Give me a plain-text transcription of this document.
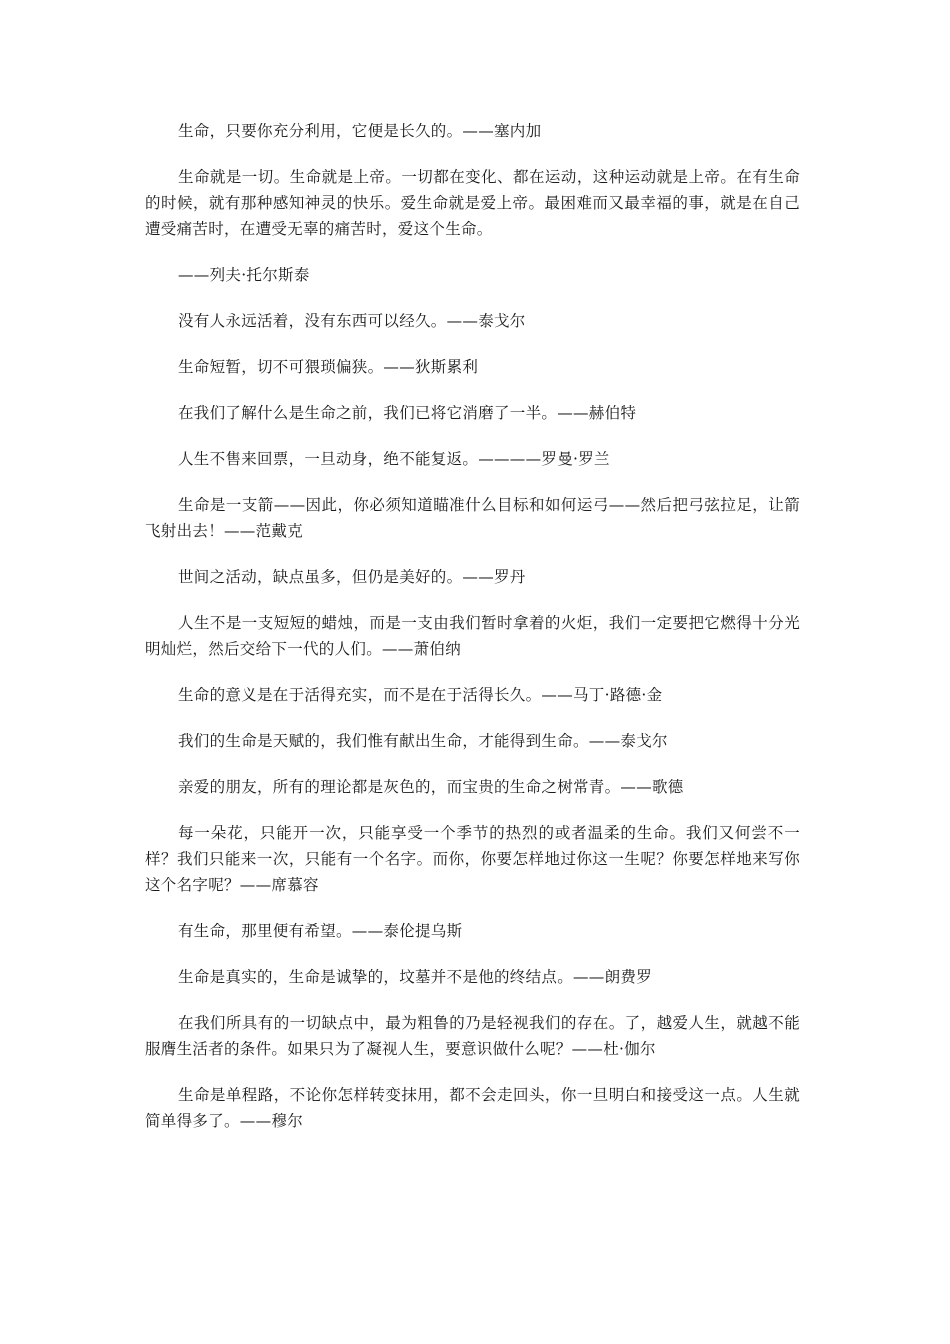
生命，只要你充分利用，它便是长久的。——塞内加

生命就是一切。生命就是上帝。一切都在变化、都在运动，这种运动就是上帝。在有生命的时候，就有那种感知神灵的快乐。爱生命就是爱上帝。最困难而又最幸福的事，就是在自己遭受痛苦时，在遭受无辜的痛苦时，爱这个生命。

——列夫·托尔斯泰

没有人永远活着，没有东西可以经久。——泰戈尔

生命短暂，切不可猥琐偏狭。——狄斯累利

在我们了解什么是生命之前，我们已将它消磨了一半。——赫伯特

人生不售来回票，一旦动身，绝不能复返。————罗曼·罗兰

生命是一支箭——因此，你必须知道瞄准什么目标和如何运弓——然后把弓弦拉足，让箭飞射出去！——范戴克

世间之活动，缺点虽多，但仍是美好的。——罗丹

人生不是一支短短的蜡烛，而是一支由我们暂时拿着的火炬，我们一定要把它燃得十分光明灿烂，然后交给下一代的人们。——萧伯纳

生命的意义是在于活得充实，而不是在于活得长久。——马丁·路德·金

我们的生命是天赋的，我们惟有献出生命，才能得到生命。——泰戈尔

亲爱的朋友，所有的理论都是灰色的，而宝贵的生命之树常青。——歌德

每一朵花，只能开一次，只能享受一个季节的热烈的或者温柔的生命。我们又何尝不一样？我们只能来一次，只能有一个名字。而你，你要怎样地过你这一生呢？你要怎样地来写你这个名字呢？——席慕容

有生命，那里便有希望。——泰伦提乌斯

生命是真实的，生命是诚挚的，坟墓并不是他的终结点。——朗费罗

在我们所具有的一切缺点中，最为粗鲁的乃是轻视我们的存在。了，越爱人生，就越不能服膺生活者的条件。如果只为了凝视人生，要意识做什么呢？——杜·伽尔

生命是单程路，不论你怎样转变抹用，都不会走回头，你一旦明白和接受这一点。人生就简单得多了。——穆尔
